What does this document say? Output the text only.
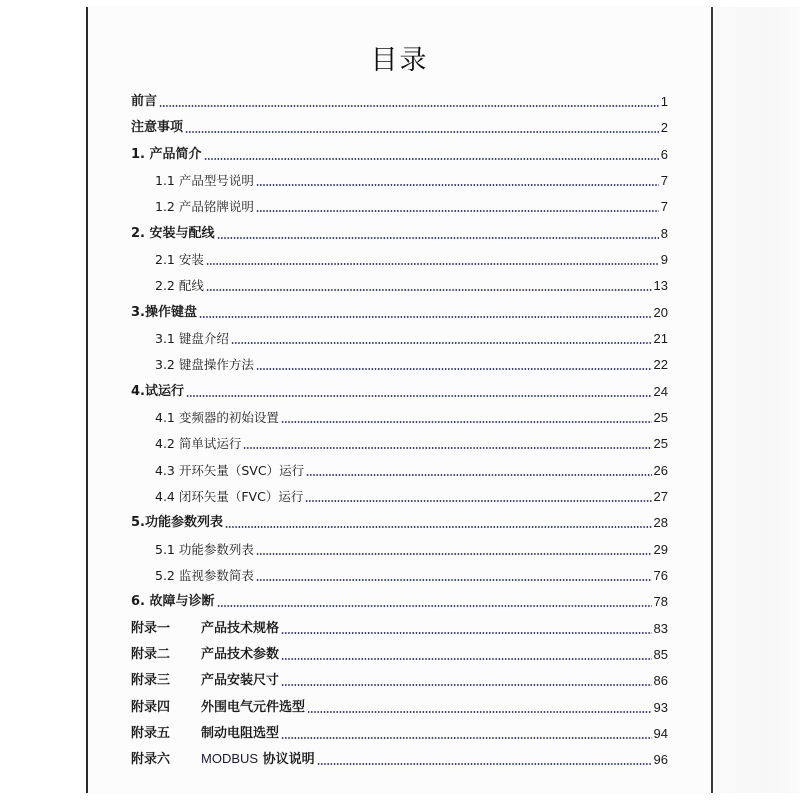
目录
前言	1
注意事项	2
1. 产品简介	6
1.1 产品型号说明	7
1.2 产品铭牌说明	7
2. 安装与配线	8
2.1 安装	9
2.2 配线	13
3.操作键盘	20
3.1 键盘介绍	21
3.2 键盘操作方法	22
4.试运行	24
4.1 变频器的初始设置	25
4.2 简单试运行	25
4.3 开环矢量（SVC）运行	26
4.4 闭环矢量（FVC）运行	27
5.功能参数列表	28
5.1 功能参数列表	29
5.2 监视参数简表	76
6. 故障与诊断	78
附录一 产品技术规格	83
附录二 产品技术参数	85
附录三 产品安装尺寸	86
附录四 外围电气元件选型	93
附录五 制动电阻选型	94
附录六 MODBUS 协议说明	96
